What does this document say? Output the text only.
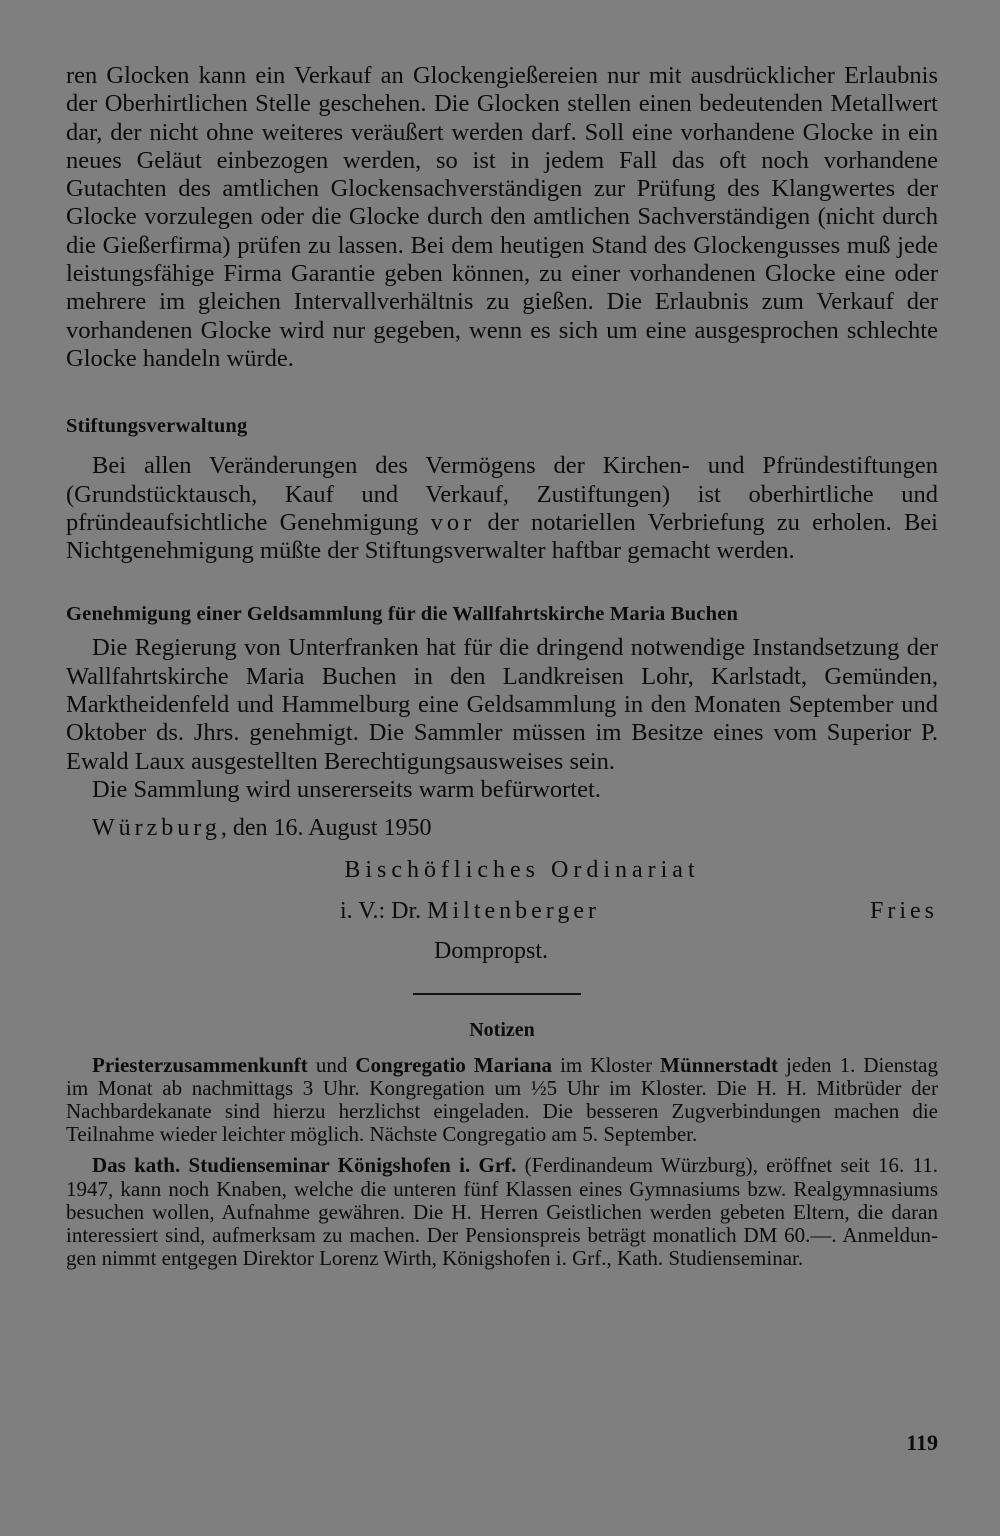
ren Glocken kann ein Verkauf an Glockengießereien nur mit ausdrücklicher Erlaubnis der Oberhirtlichen Stelle geschehen. Die Glocken stellen einen bedeutenden Metallwert dar, der nicht ohne weiteres veräußert werden darf. Soll eine vorhandene Glocke in ein neues Geläut einbezogen werden, so ist in jedem Fall das oft noch vorhandene Gutachten des amtlichen Glockensachverständigen zur Prüfung des Klangwertes der Glocke vorzulegen oder die Glocke durch den amtlichen Sachverständigen (nicht durch die Gießerfirma) prüfen zu lassen. Bei dem heutigen Stand des Glockengusses muß jede leistungsfähige Firma Garantie geben können, zu einer vorhandenen Glocke eine oder mehrere im gleichen Intervallverhältnis zu gießen. Die Erlaubnis zum Verkauf der vorhandenen Glocke wird nur gegeben, wenn es sich um eine ausgesprochen schlechte Glocke handeln würde.

Stiftungsverwaltung

Bei allen Veränderungen des Vermögens der Kirchen- und Pfründestiftungen (Grundstücktausch, Kauf und Verkauf, Zustiftungen) ist oberhirtliche und pfründeaufsichtliche Genehmigung vor der notariellen Verbriefung zu erholen. Bei Nichtgenehmigung müßte der Stiftungsverwalter haftbar gemacht werden.

Genehmigung einer Geldsammlung für die Wallfahrtskirche Maria Buchen

Die Regierung von Unterfranken hat für die dringend notwendige Instandsetzung der Wallfahrtskirche Maria Buchen in den Landkreisen Lohr, Karlstadt, Gemünden, Marktheidenfeld und Hammelburg eine Geldsammlung in den Monaten September und Oktober ds. Jhrs. genehmigt. Die Sammler müssen im Besitze eines vom Superior P. Ewald Laux ausgestellten Berechtigungsausweises sein.

Die Sammlung wird unsererseits warm befürwortet.

Würzburg, den 16. August 1950

Bischöfliches Ordinariat
i. V.: Dr. Miltenberger	Fries
Dompropst.
Notizen

Priesterzusammenkunft und Congregatio Mariana im Kloster Münnerstadt jeden 1. Dienstag im Monat ab nachmittags 3 Uhr. Kongregation um ½5 Uhr im Kloster. Die H. H. Mitbrüder der Nachbardekanate sind hierzu herzlichst eingeladen. Die besseren Zugverbindungen machen die Teilnahme wieder leichter möglich. Nächste Congregatio am 5. September.

Das kath. Studienseminar Königshofen i. Grf. (Ferdinandeum Würzburg), eröffnet seit 16. 11. 1947, kann noch Knaben, welche die unteren fünf Klassen eines Gymnasiums bzw. Realgymnasiums besuchen wollen, Aufnahme gewähren. Die H. Herren Geistlichen werden gebeten Eltern, die daran interessiert sind, aufmerksam zu machen. Der Pensionspreis beträgt monatlich DM 60.—. Anmeldungen nimmt entgegen Direktor Lorenz Wirth, Königshofen i. Grf., Kath. Studienseminar.

119
